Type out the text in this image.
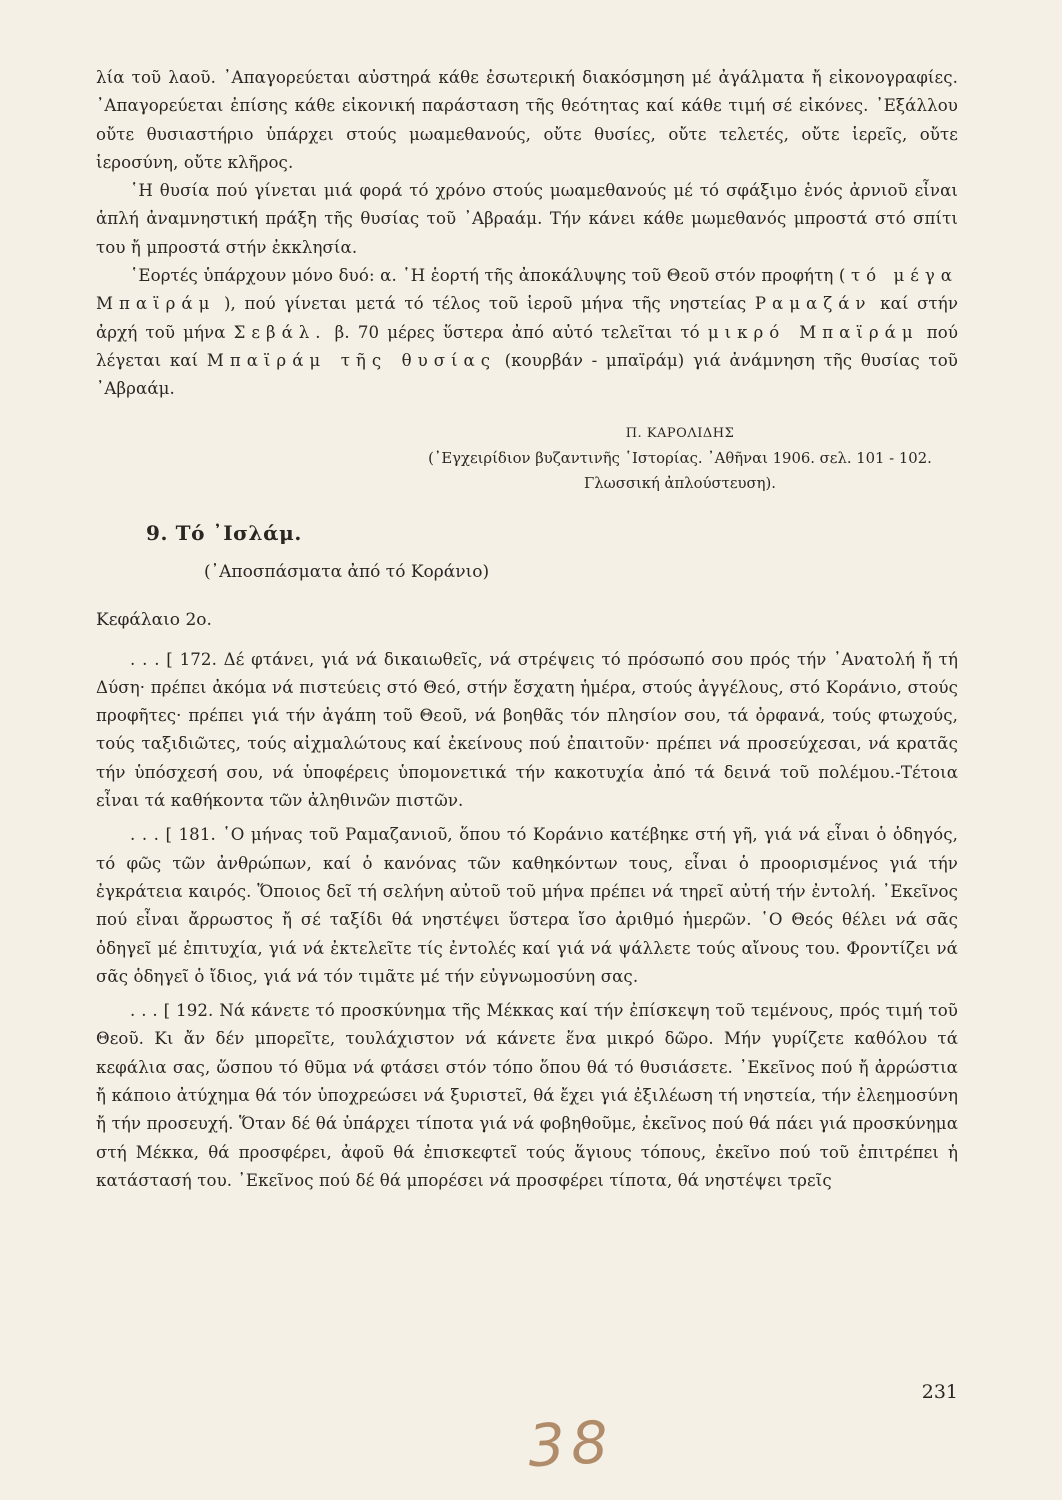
λία τοῦ λαοῦ. ᾿Απαγορεύεται αὐστηρά κάθε ἐσωτερική διακόσμηση μέ ἀγάλματα ἤ εἰκονογραφίες. ᾿Απαγορεύεται ἐπίσης κάθε εἰκονική παράσταση τῆς θεότητας καί κάθε τιμή σέ εἰκόνες. ᾿Εξάλλου οὔτε θυσιαστήριο ὑπάρχει στούς μωαμεθανούς, οὔτε θυσίες, οὔτε τελετές, οὔτε ἱερεῖς, οὔτε ἱεροσύνη, οὔτε κλῆρος.

῾Η θυσία πού γίνεται μιά φορά τό χρόνο στούς μωαμεθανούς μέ τό σφάξιμο ἑνός ἀρνιοῦ εἶναι ἁπλή ἀναμνηστική πράξη τῆς θυσίας τοῦ ᾿Αβραάμ. Τήν κάνει κάθε μωμεθανός μπροστά στό σπίτι του ἤ μπροστά στήν ἐκκλησία.

῾Εορτές ὑπάρχουν μόνο δυό: α. ῾Η ἑορτή τῆς ἀποκάλυψης τοῦ Θεοῦ στόν προφήτη ( τό μέγα Μπαϊράμ ), πού γίνεται μετά τό τέλος τοῦ ἱεροῦ μήνα τῆς νηστείας Ραμαζάν καί στήν ἀρχή τοῦ μήνα Σεβάλ. β. 70 μέρες ὕστερα ἀπό αὐτό τελεῖται τό μικρό Μπαϊράμ πού λέγεται καί Μπαϊράμ τῆς θυσίας (κουρβάν - μπαϊράμ) γιά ἀνάμνηση τῆς θυσίας τοῦ ᾿Αβραάμ.

Π. ΚΑΡΟΛΙΔΗΣ
(᾿Εγχειρίδιον βυζαντινῆς ῾Ιστορίας. ᾿Αθῆναι 1906. σελ. 101 - 102.
Γλωσσική ἀπλούστευση).
9. Τό ᾿Ισλάμ.
(᾿Αποσπάσματα ἀπό τό Κοράνιο)
Κεφάλαιο 2ο.

. . . [ 172. Δέ φτάνει, γιά νά δικαιωθεῖς, νά στρέψεις τό πρόσωπό σου πρός τήν ᾿Ανατολή ἤ τή Δύση· πρέπει ἀκόμα νά πιστεύεις στό Θεό, στήν ἔσχατη ἡμέρα, στούς ἀγγέλους, στό Κοράνιο, στούς προφῆτες· πρέπει γιά τήν ἀγάπη τοῦ Θεοῦ, νά βοηθᾶς τόν πλησίον σου, τά ὀρφανά, τούς φτωχούς, τούς ταξιδιῶτες, τούς αἰχμαλώτους καί ἐκείνους πού ἐπαιτοῦν· πρέπει νά προσεύχεσαι, νά κρατᾶς τήν ὑπόσχεσή σου, νά ὑποφέρεις ὑπομονετικά τήν κακοτυχία ἀπό τά δεινά τοῦ πολέμου.-Τέτοια εἶναι τά καθήκοντα τῶν ἀληθινῶν πιστῶν.

. . . [ 181. ῾Ο μήνας τοῦ Ραμαζανιοῦ, ὅπου τό Κοράνιο κατέβηκε στή γῆ, γιά νά εἶναι ὁ ὁδηγός, τό φῶς τῶν ἀνθρώπων, καί ὁ κανόνας τῶν καθηκόντων τους, εἶναι ὁ προορισμένος γιά τήν ἐγκράτεια καιρός. Ὅποιος δεῖ τή σελήνη αὐτοῦ τοῦ μήνα πρέπει νά τηρεῖ αὐτή τήν ἐντολή. ᾿Εκεῖνος πού εἶναι ἄρρωστος ἤ σέ ταξίδι θά νηστέψει ὕστερα ἴσο ἀριθμό ἡμερῶν. ῾Ο Θεός θέλει νά σᾶς ὁδηγεῖ μέ ἐπιτυχία, γιά νά ἐκτελεῖτε τίς ἐντολές καί γιά νά ψάλλετε τούς αἴνους του. Φροντίζει νά σᾶς ὁδηγεῖ ὁ ἴδιος, γιά νά τόν τιμᾶτε μέ τήν εὐγνωμοσύνη σας.

. . . [ 192. Νά κάνετε τό προσκύνημα τῆς Μέκκας καί τήν ἐπίσκεψη τοῦ τεμένους, πρός τιμή τοῦ Θεοῦ. Κι ἄν δέν μπορεῖτε, τουλάχιστον νά κάνετε ἕνα μικρό δῶρο. Μήν γυρίζετε καθόλου τά κεφάλια σας, ὥσπου τό θῦμα νά φτάσει στόν τόπο ὅπου θά τό θυσιάσετε. ᾿Εκεῖνος πού ἤ ἀρρώστια ἤ κάποιο ἀτύχημα θά τόν ὑποχρεώσει νά ξυριστεῖ, θά ἔχει γιά ἐξιλέωση τή νηστεία, τήν ἐλεημοσύνη ἤ τήν προσευχή. Ὅταν δέ θά ὑπάρχει τίποτα γιά νά φοβηθοῦμε, ἐκεῖνος πού θά πάει γιά προσκύνημα στή Μέκκα, θά προσφέρει, ἀφοῦ θά ἐπισκεφτεῖ τούς ἅγιους τόπους, ἐκεῖνο πού τοῦ ἐπιτρέπει ἡ κατάστασή του. ᾿Εκεῖνος πού δέ θά μπορέσει νά προσφέρει τίποτα, θά νηστέψει τρεῖς

231
38
